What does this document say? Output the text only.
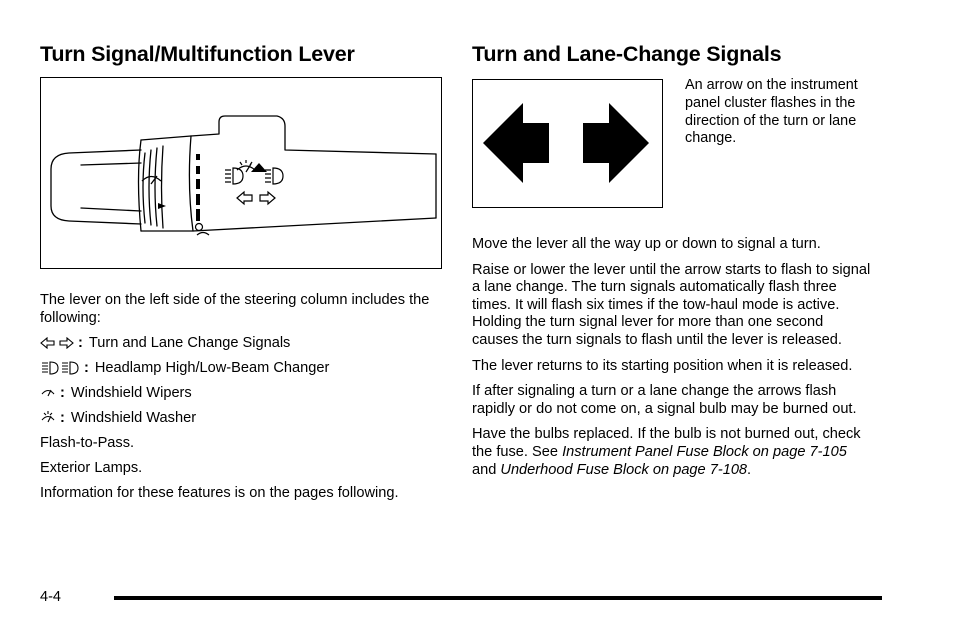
Turn Signal/Multifunction Lever

The lever on the left side of the steering column includes the following:

: Turn and Lane Change Signals
: Headlamp High/Low-Beam Changer
: Windshield Wipers
: Windshield Washer

Flash-to-Pass.

Exterior Lamps.

Information for these features is on the pages following.

Turn and Lane-Change Signals

An arrow on the instrument panel cluster flashes in the direction of the turn or lane change.

Move the lever all the way up or down to signal a turn.

Raise or lower the lever until the arrow starts to flash to signal a lane change. The turn signals automatically flash three times. It will flash six times if the tow-haul mode is active. Holding the turn signal lever for more than one second causes the turn signals to flash until the lever is released.

The lever returns to its starting position when it is released.

If after signaling a turn or a lane change the arrows flash rapidly or do not come on, a signal bulb may be burned out.

Have the bulbs replaced. If the bulb is not burned out, check the fuse. See Instrument Panel Fuse Block on page 7-105 and Underhood Fuse Block on page 7-108.

4-4
